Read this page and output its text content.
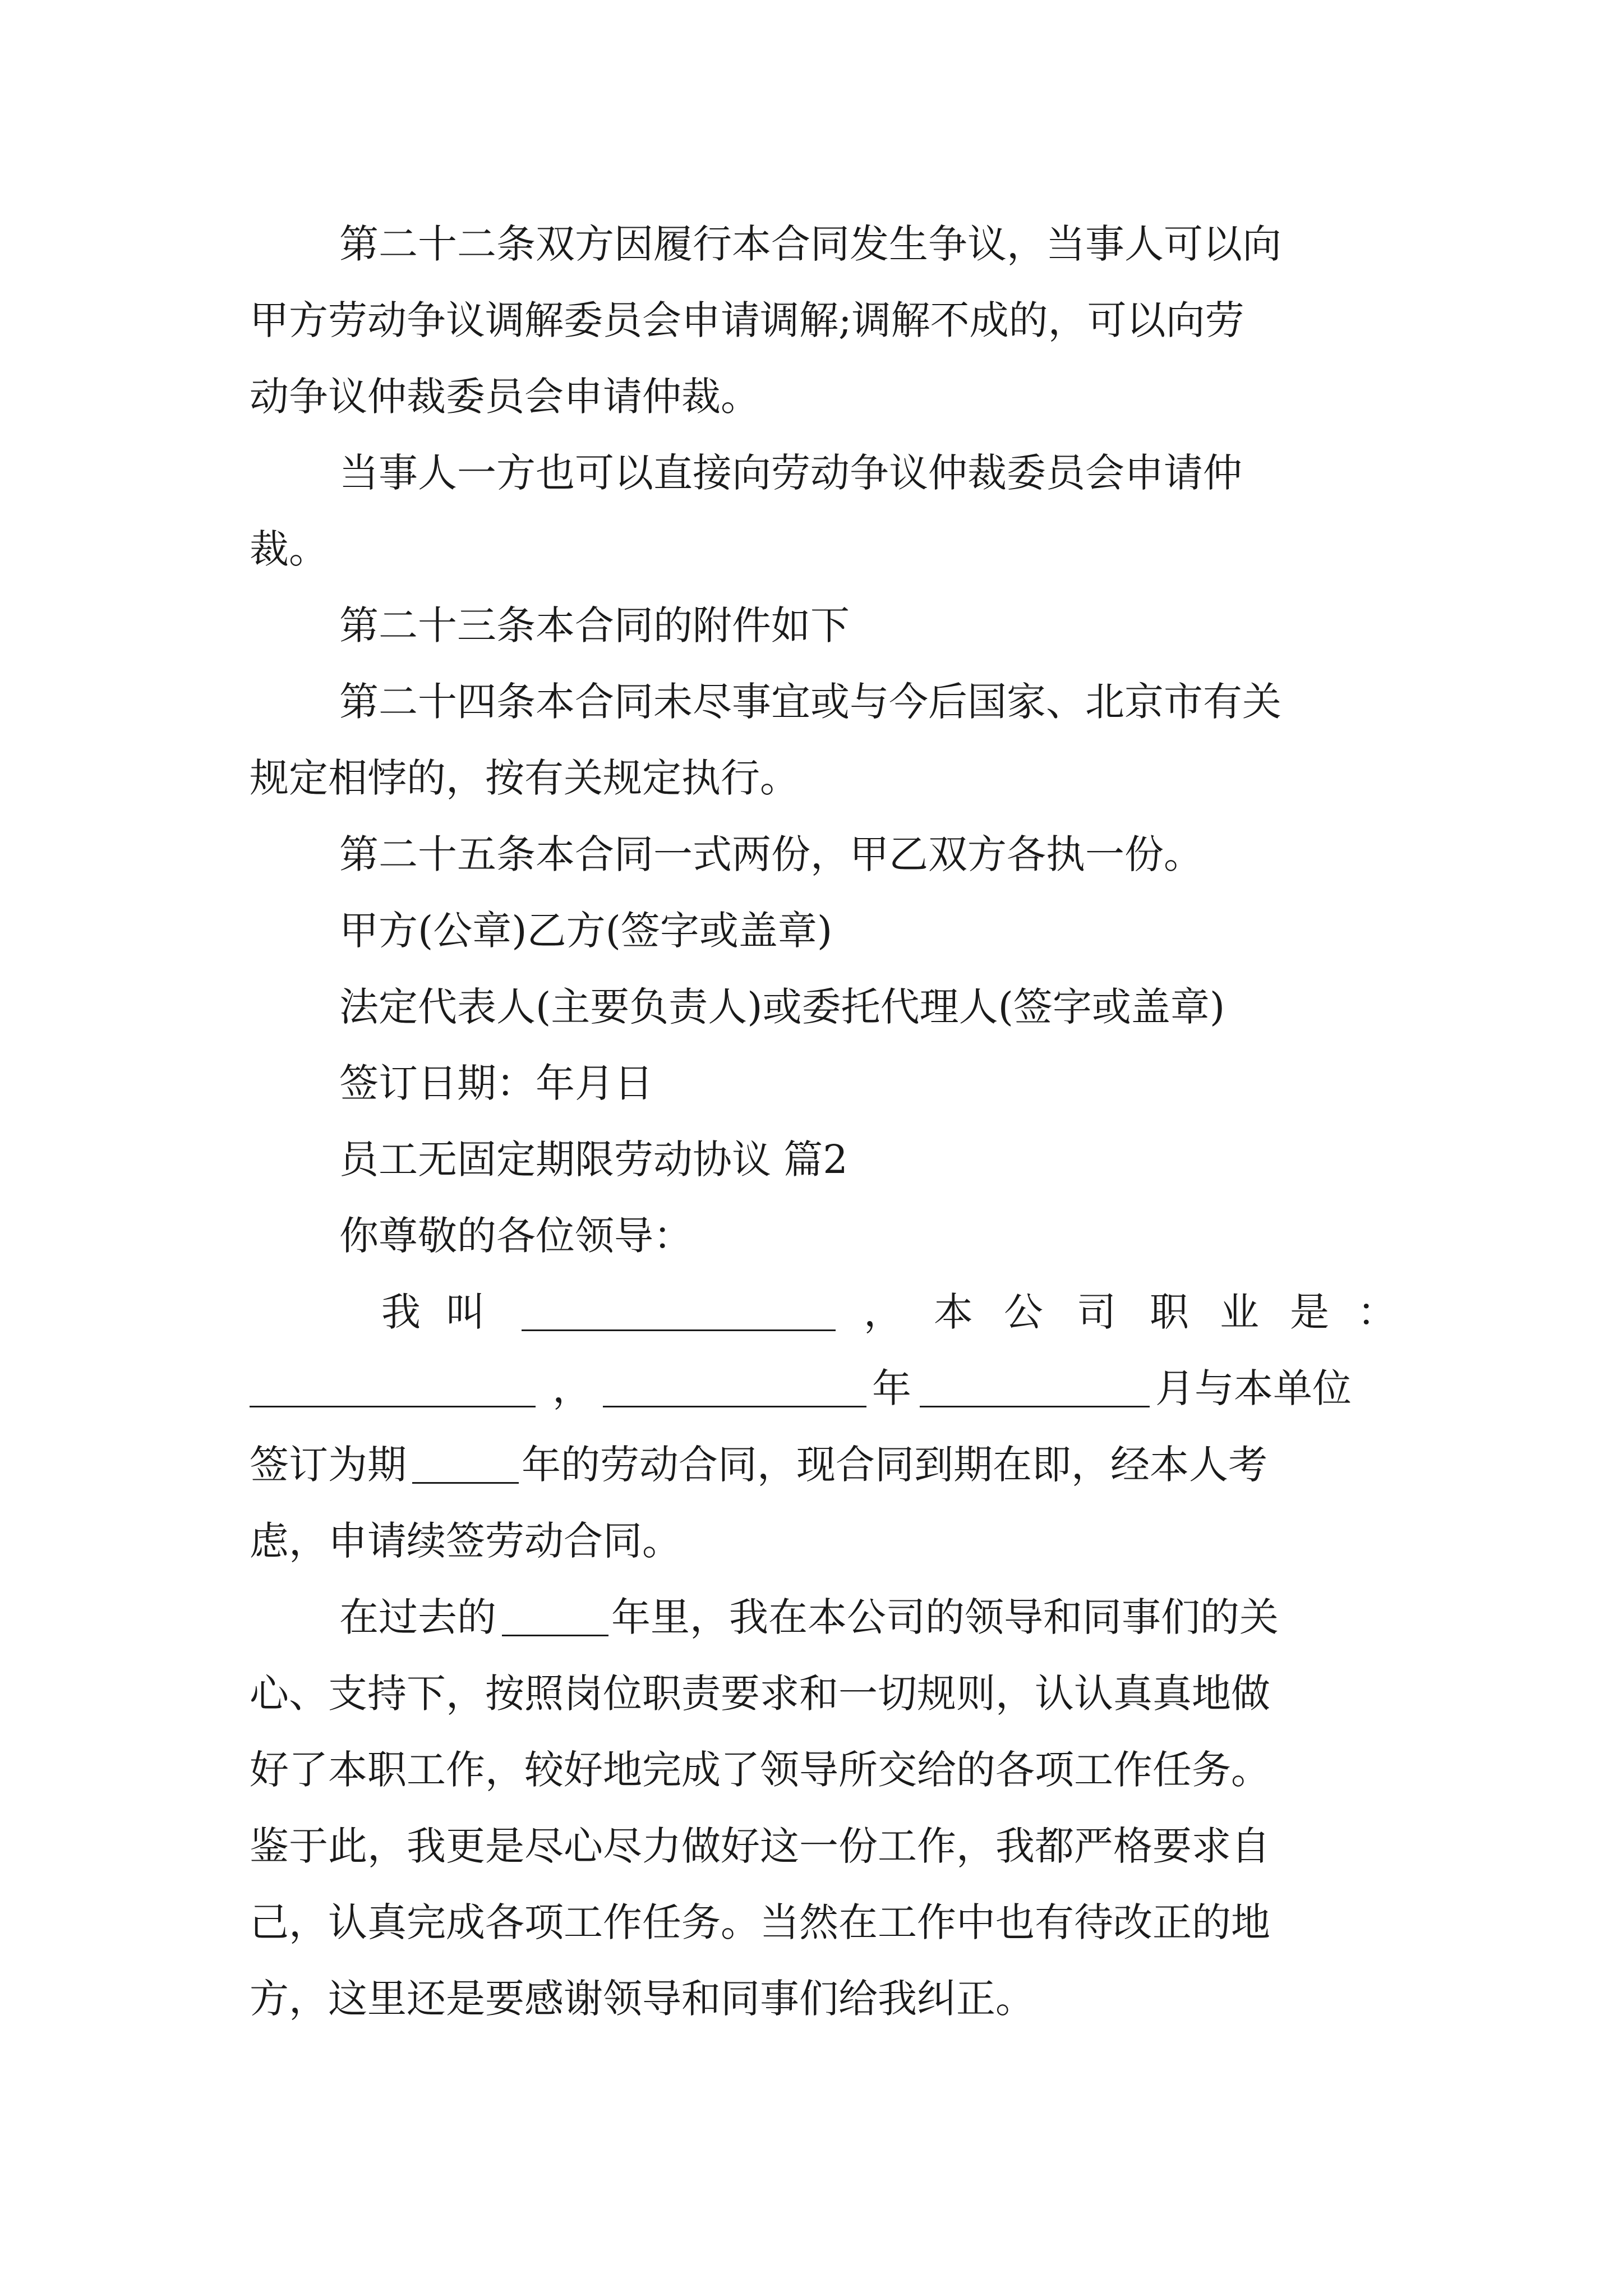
第二十二条双方因履行本合同发生争议，当事人可以向

甲方劳动争议调解委员会申请调解;调解不成的，可以向劳

动争议仲裁委员会申请仲裁。

当事人一方也可以直接向劳动争议仲裁委员会申请仲

裁。

第二十三条本合同的附件如下

第二十四条本合同未尽事宜或与今后国家、北京市有关

规定相悖的，按有关规定执行。

第二十五条本合同一式两份，甲乙双方各执一份。

甲方(公章)乙方(签字或盖章)

法定代表人(主要负责人)或委托代理人(签字或盖章)

签订日期：年月日

员工无固定期限劳动协议 篇2

你尊敬的各位领导：

我 叫	， 本 公 司 职 业 是 ：
，	年	月与本单位
签订为期	年的劳动合同，现合同到期在即，经本人考

虑，申请续签劳动合同。

在过去的	年里，我在本公司的领导和同事们的关

心、支持下，按照岗位职责要求和一切规则，认认真真地做

好了本职工作，较好地完成了领导所交给的各项工作任务。

鉴于此，我更是尽心尽力做好这一份工作，我都严格要求自

己，认真完成各项工作任务。当然在工作中也有待改正的地

方，这里还是要感谢领导和同事们给我纠正。
